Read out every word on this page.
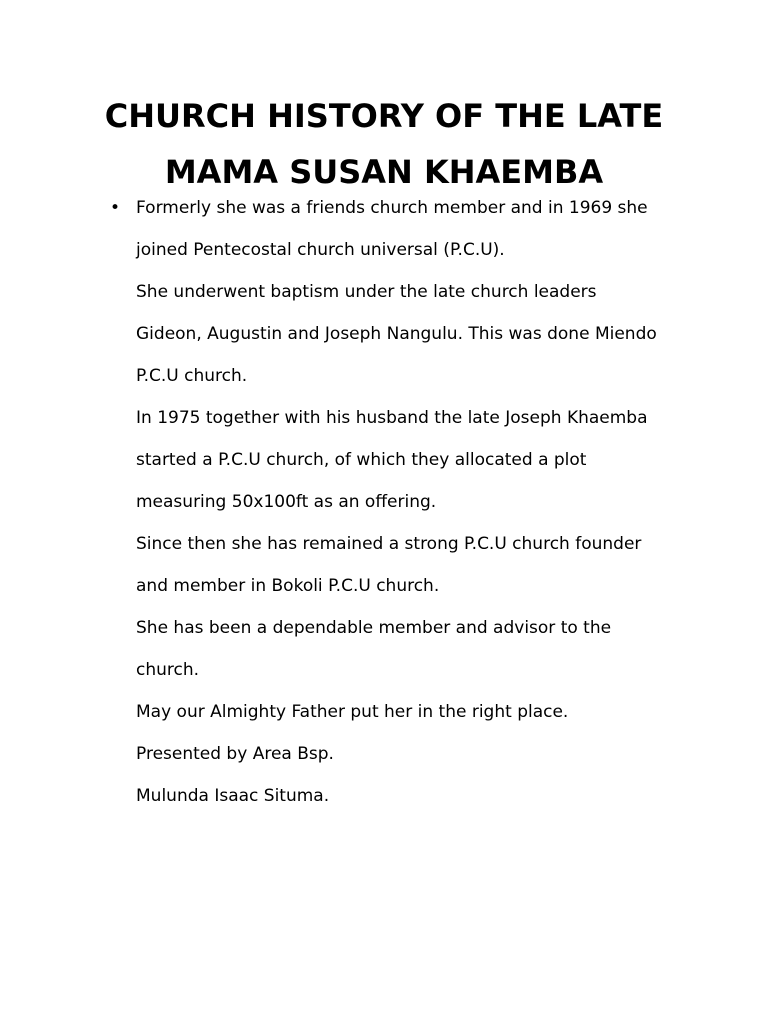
CHURCH HISTORY OF THE LATE
MAMA SUSAN KHAEMBA
• Formerly she was a friends church member and in 1969 she
joined Pentecostal church universal (P.C.U).
She underwent baptism under the late church leaders
Gideon, Augustin and Joseph Nangulu. This was done Miendo
P.C.U church.
In 1975 together with his husband the late Joseph Khaemba
started a P.C.U church, of which they allocated a plot
measuring 50x100ft as an offering.
Since then she has remained a strong P.C.U church founder
and member in Bokoli P.C.U church.
She has been a dependable member and advisor to the
church.
May our Almighty Father put her in the right place.
Presented by Area Bsp.
Mulunda Isaac Situma.
